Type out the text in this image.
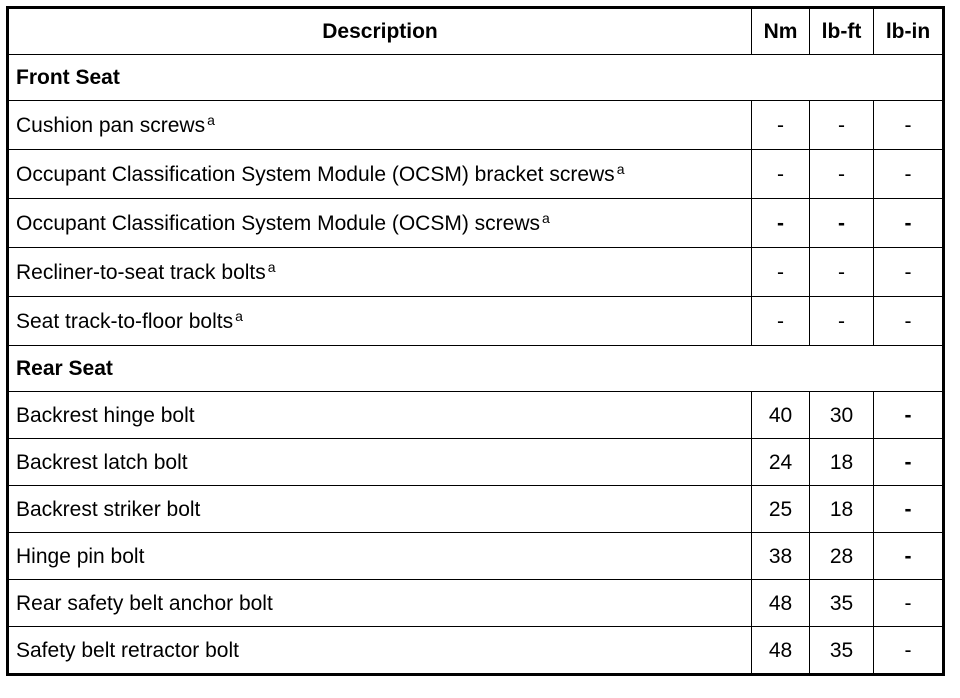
Description	Nm	lb-ft	lb-in
Front Seat			
Cushion pan screws $^a$	-	-	-
Occupant Classification System Module (OCSM) bracket screws $^a$	-	-	-
Occupant Classification System Module (OCSM) screws $^a$	-	-	-
Recliner-to-seat track bolts $^a$	-	-	-
Seat track-to-floor bolts $^a$	-	-	-
Rear Seat			
Backrest hinge bolt	40	30	-
Backrest latch bolt	24	18	-
Backrest striker bolt	25	18	-
Hinge pin bolt	38	28	-
Rear safety belt anchor bolt	48	35	-
Safety belt retractor bolt	48	35	-
